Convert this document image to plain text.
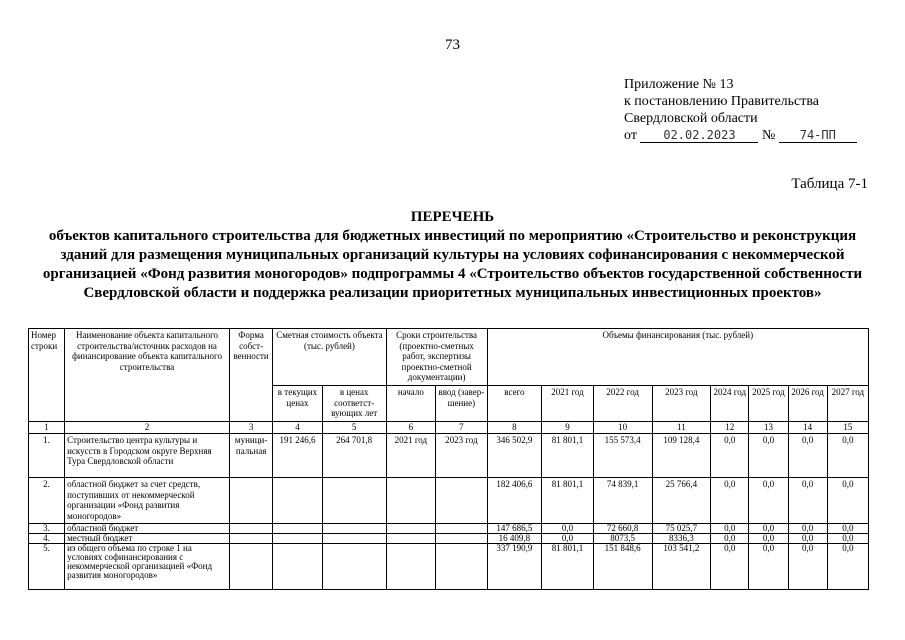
73
Приложение № 13
к постановлению Правительства
Свердловской области
от 02.02.2023 № 74-ПП
Таблица 7-1
ПЕРЕЧЕНЬ
объектов капитального строительства для бюджетных инвестиций по мероприятию «Строительство и реконструкция
зданий для размещения муниципальных организаций культуры на условиях софинансирования с некоммерческой
организацией «Фонд развития моногородов» подпрограммы 4 «Строительство объектов государственной собственности
Свердловской области и поддержка реализации приоритетных муниципальных инвестиционных проектов»
Номер строки	Наименование объекта капитального строительства/источник расходов на финансирование объекта капитального строительства	Форма собст-венности	Сметная стоимость объекта (тыс. рублей)		Сроки строительства (проектно-сметных работ, экспертизы проектно-сметной документации)		Объемы финансирования (тыс. рублей)							
			в текущих ценах	в ценах соответст-вующих лет	начало	ввод (завер-шение)	всего	2021 год	2022 год	2023 год	2024 год	2025 год	2026 год	2027 год
1	2	3	4	5	6	7	8	9	10	11	12	13	14	15
1.	Строительство центра культуры и искусств в Городском округе Верхняя Тура Свердловской области	муници-пальная	191 246,6	264 701,8	2021 год	2023 год	346 502,9	81 801,1	155 573,4	109 128,4	0,0	0,0	0,0	0,0
2.	областной бюджет за счет средств, поступивших от некоммерческой организации «Фонд развития моногородов»						182 406,6	81 801,1	74 839,1	25 766,4	0,0	0,0	0,0	0,0
3.	областной бюджет						147 686,5	0,0	72 660,8	75 025,7	0,0	0,0	0,0	0,0
4.	местный бюджет						16 409,8	0,0	8073,5	8336,3	0,0	0,0	0,0	0,0
5.	из общего объема по строке 1 на условиях софинансирования с некоммерческой организацией «Фонд развития моногородов»						337 190,9	81 801,1	151 848,6	103 541,2	0,0	0,0	0,0	0,0
